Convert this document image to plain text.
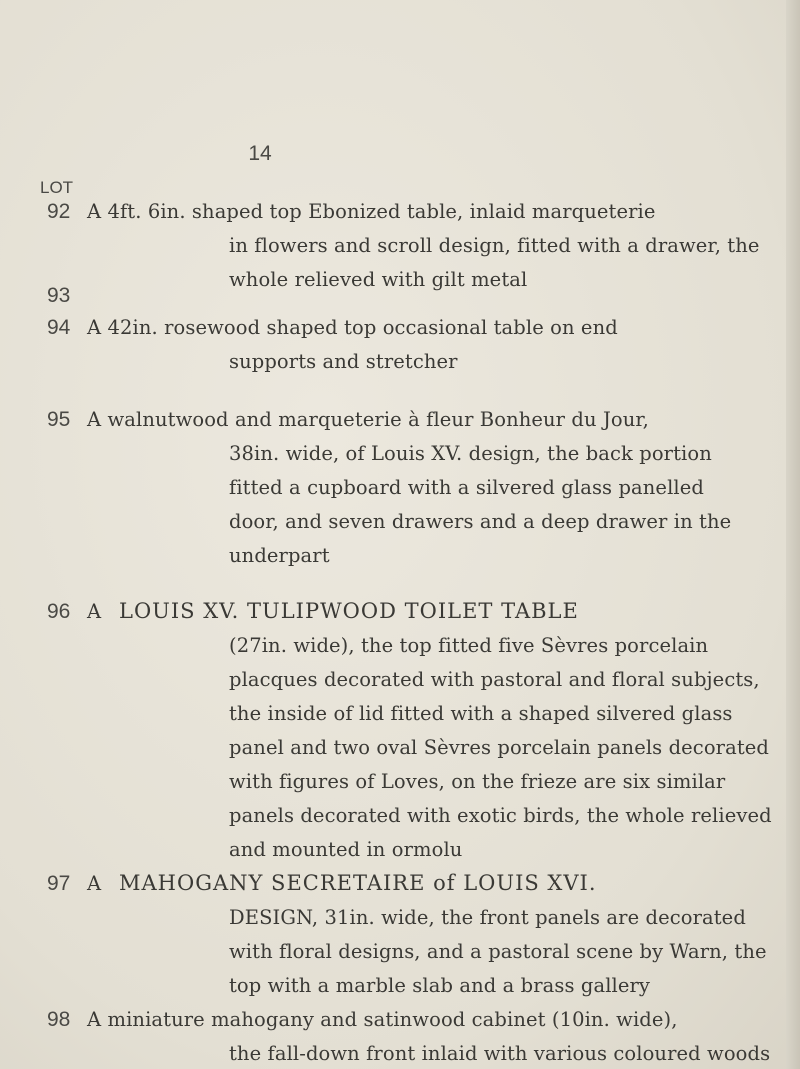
14
LOT
92 A 4ft. 6in. shaped top Ebonized table, inlaid marqueterie
in flowers and scroll design, fitted with a drawer, the
whole relieved with gilt metal
93
94 A 42in. rosewood shaped top occasional table on end
supports and stretcher
95 A walnutwood and marqueterie à fleur Bonheur du Jour,
38in. wide, of Louis XV. design, the back portion
fitted a cupboard with a silvered glass panelled
door, and seven drawers and a deep drawer in the
underpart
96 A LOUIS XV. TULIPWOOD TOILET TABLE
(27in. wide), the top fitted five Sèvres porcelain
placques decorated with pastoral and floral subjects,
the inside of lid fitted with a shaped silvered glass
panel and two oval Sèvres porcelain panels decorated
with figures of Loves, on the frieze are six similar
panels decorated with exotic birds, the whole relieved
and mounted in ormolu
97 A MAHOGANY SECRETAIRE of LOUIS XVI.
DESIGN, 31in. wide, the front panels are decorated
with floral designs, and a pastoral scene by Warn, the
top with a marble slab and a brass gallery
98 A miniature mahogany and satinwood cabinet (10in. wide),
the fall-down front inlaid with various coloured woods
